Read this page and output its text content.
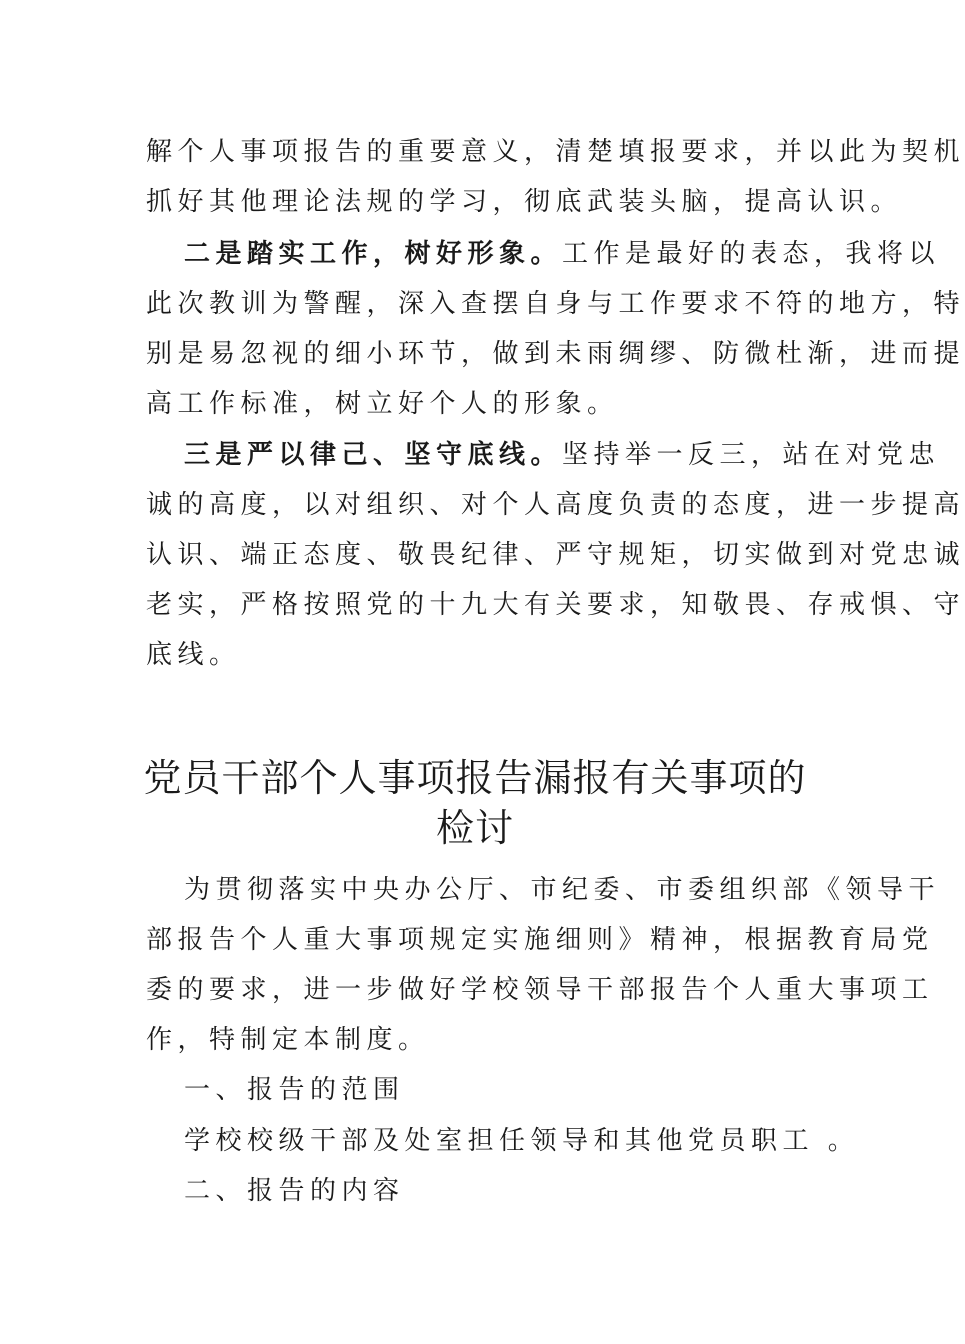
解个人事项报告的重要意义，清楚填报要求，并以此为契机
抓好其他理论法规的学习，彻底武装头脑，提高认识。
二是踏实工作，树好形象。工作是最好的表态，我将以
此次教训为警醒，深入查摆自身与工作要求不符的地方，特
别是易忽视的细小环节，做到未雨绸缪、防微杜渐，进而提
高工作标准，树立好个人的形象。
三是严以律己、坚守底线。坚持举一反三，站在对党忠
诚的高度，以对组织、对个人高度负责的态度，进一步提高
认识、端正态度、敬畏纪律、严守规矩，切实做到对党忠诚
老实，严格按照党的十九大有关要求，知敬畏、存戒惧、守
底线。
党员干部个人事项报告漏报有关事项的
检讨
为贯彻落实中央办公厅、市纪委、市委组织部《领导干
部报告个人重大事项规定实施细则》精神，根据教育局党
委的要求，进一步做好学校领导干部报告个人重大事项工
作，特制定本制度。
一、报告的范围
学校校级干部及处室担任领导和其他党员职工 。
二、报告的内容
